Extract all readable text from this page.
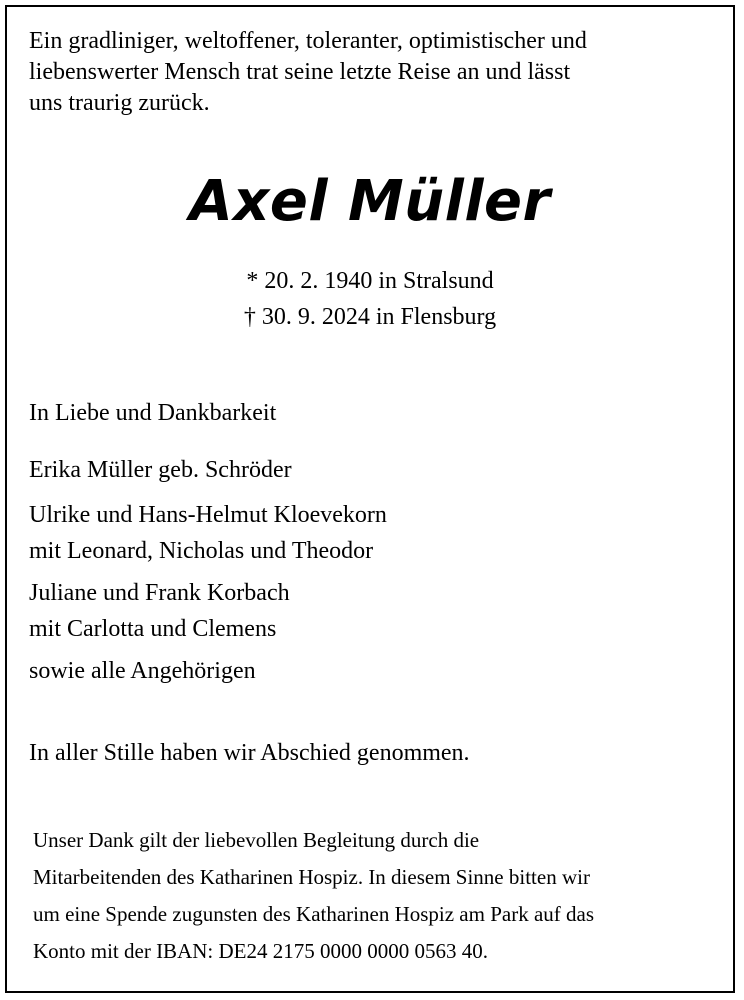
Ein gradliniger, weltoffener, toleranter, optimistischer und
liebenswerter Mensch trat seine letzte Reise an und lässt
uns traurig zurück.

Axel Müller
* 20. 2. 1940 in Stralsund
† 30. 9. 2024 in Flensburg

In Liebe und Dankbarkeit

Erika Müller geb. Schröder

Ulrike und Hans-Helmut Kloevekorn
mit Leonard, Nicholas und Theodor

Juliane und Frank Korbach
mit Carlotta und Clemens

sowie alle Angehörigen

In aller Stille haben wir Abschied genommen.

Unser Dank gilt der liebevollen Begleitung durch die
Mitarbeitenden des Katharinen Hospiz. In diesem Sinne bitten wir
um eine Spende zugunsten des Katharinen Hospiz am Park auf das
Konto mit der IBAN: DE24 2175 0000 0000 0563 40.
